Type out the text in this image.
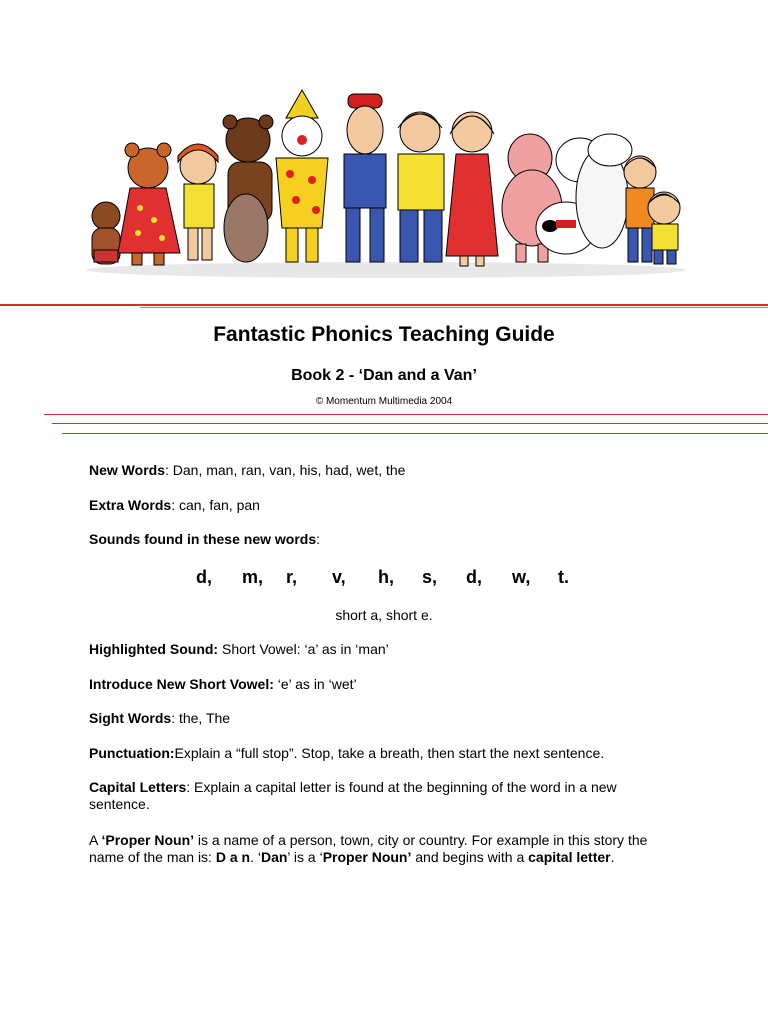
Fantastic Phonics Teaching Guide
Book 2 - ‘Dan and a Van’
© Momentum Multimedia 2004
New Words: Dan, man, ran, van, his, had, wet, the
Extra Words: can, fan, pan
Sounds found in these new words:
d, m, r, v, h, s, d, w, t.
short a, short e.
Highlighted Sound: Short Vowel: ‘a’ as in ‘man’
Introduce New Short Vowel: ‘e’ as in ‘wet’
Sight Words: the, The
Punctuation:Explain a “full stop”. Stop, take a breath, then start the next sentence.
Capital Letters: Explain a capital letter is found at the beginning of the word in a new sentence.
A ‘Proper Noun’ is a name of a person, town, city or country. For example in this story the name of the man is: D a n. ‘Dan’ is a ‘Proper Noun’ and begins with a capital letter.
